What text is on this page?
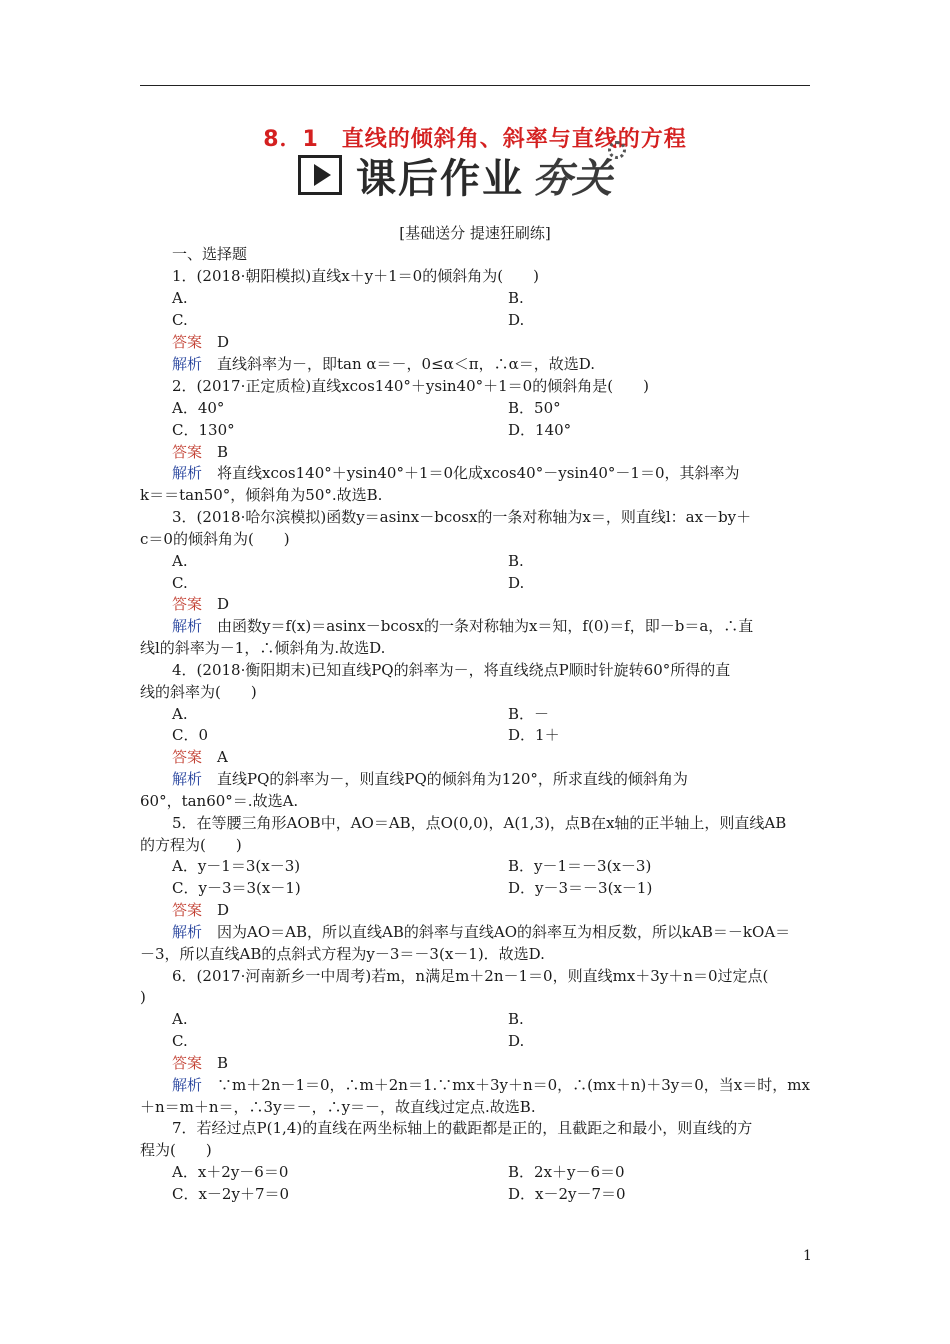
8．1　直线的倾斜角、斜率与直线的方程
课后作业 夯关
[基础送分 提速狂刷练]
一、选择题
1．(2018·朝阳模拟)直线x＋y＋1＝0的倾斜角为(　　)
A.	B.
C.	D.
答案　D
解析　直线斜率为－，即tan α＝－，0≤α＜π，∴α＝，故选D.
2．(2017·正定质检)直线xcos140°＋ysin40°＋1＝0的倾斜角是(　　)
A．40°	B．50°
C．130°	D．140°
答案　B
解析　将直线xcos140°＋ysin40°＋1＝0化成xcos40°－ysin40°－1＝0，其斜率为
k＝＝tan50°，倾斜角为50°.故选B.
3．(2018·哈尔滨模拟)函数y＝asinx－bcosx的一条对称轴为x＝，则直线l：ax－by＋
c＝0的倾斜角为(　　)
A.	B.
C.	D.
答案　D
解析　由函数y＝f(x)＝asinx－bcosx的一条对称轴为x＝知，f(0)＝f，即－b＝a，∴直
线l的斜率为－1，∴倾斜角为.故选D.
4．(2018·衡阳期末)已知直线PQ的斜率为－，将直线绕点P顺时针旋转60°所得的直
线的斜率为(　　)
A.	B．－
C．0	D．1＋
答案　A
解析　直线PQ的斜率为－，则直线PQ的倾斜角为120°，所求直线的倾斜角为
60°，tan60°＝.故选A.
5．在等腰三角形AOB中，AO＝AB，点O(0,0)，A(1,3)，点B在x轴的正半轴上，则直线AB
的方程为(　　)
A．y－1＝3(x－3)	B．y－1＝－3(x－3)
C．y－3＝3(x－1)	D．y－3＝－3(x－1)
答案　D
解析　因为AO＝AB，所以直线AB的斜率与直线AO的斜率互为相反数，所以kAB＝－kOA＝
－3，所以直线AB的点斜式方程为y－3＝－3(x－1)．故选D.
6．(2017·河南新乡一中周考)若m，n满足m＋2n－1＝0，则直线mx＋3y＋n＝0过定点(
)
A.	B.
C.	D.
答案　B
解析　∵m＋2n－1＝0，∴m＋2n＝1.∵mx＋3y＋n＝0，∴(mx＋n)＋3y＝0，当x＝时，mx
＋n＝m＋n＝，∴3y＝－，∴y＝－，故直线过定点.故选B.
7．若经过点P(1,4)的直线在两坐标轴上的截距都是正的，且截距之和最小，则直线的方
程为(　　)
A．x＋2y－6＝0	B．2x＋y－6＝0
C．x－2y＋7＝0	D．x－2y－7＝0
1
